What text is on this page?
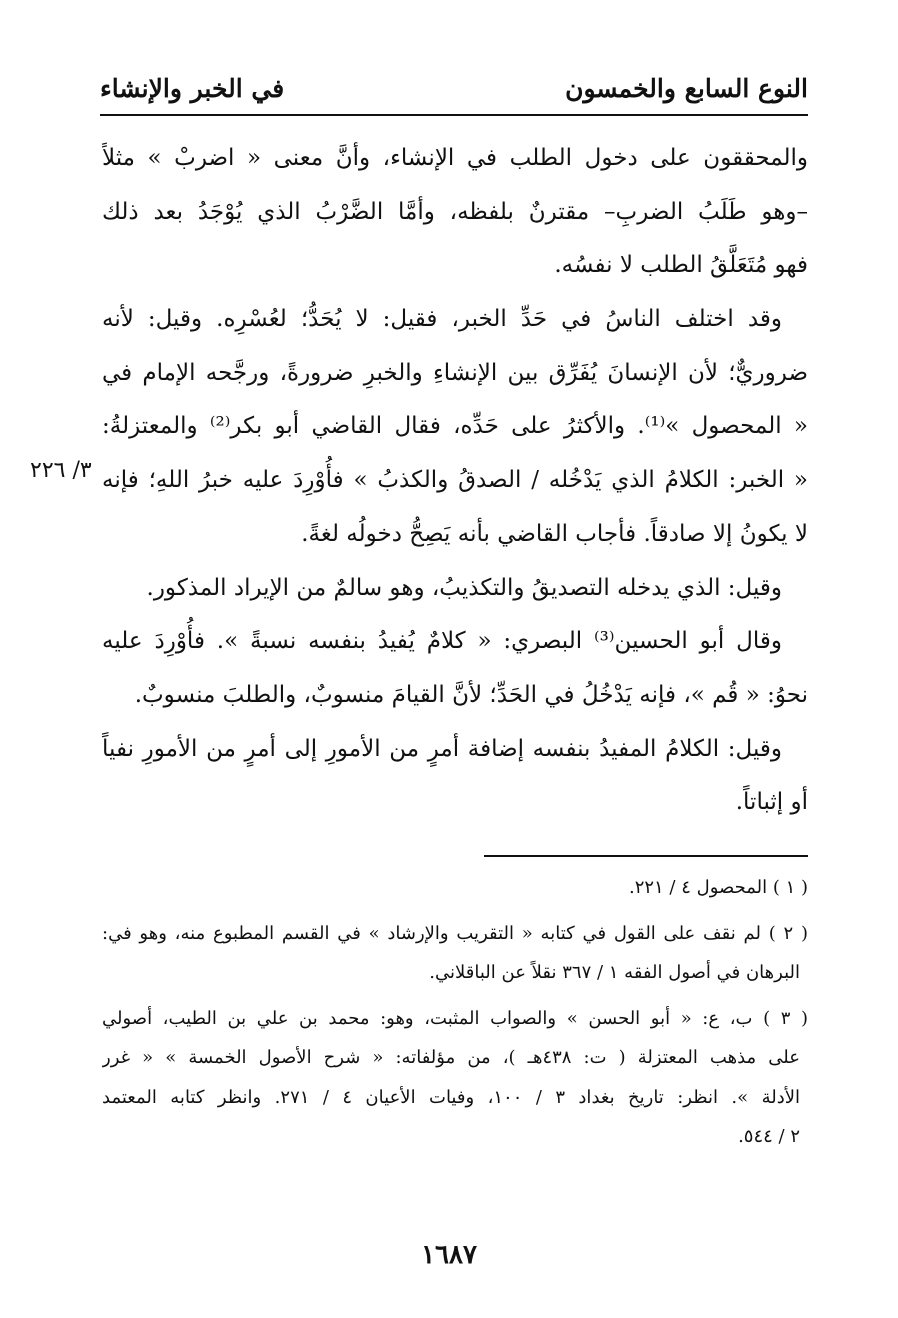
النوع السابع والخمسون
في الخبر والإنشاء
والمحققون على دخول الطلب في الإنشاء، وأنَّ معنى « اضربْ » مثلاً
–وهو طَلَبُ الضربِ– مقترنٌ بلفظه، وأمَّا الضَّرْبُ الذي يُوْجَدُ بعد ذلك
فهو مُتَعَلَّقُ الطلب لا نفسُه.
وقد اختلف الناسُ في حَدِّ الخبر، فقيل: لا يُحَدُّ؛ لعُسْرِه. وقيل: لأنه
ضروريٌّ؛ لأن الإنسانَ يُفَرِّق بين الإنشاءِ والخبرِ ضرورةً، ورجَّحه الإمام في
« المحصول »⁽¹⁾. والأكثرُ على حَدِّه، فقال القاضي أبو بكر⁽²⁾ والمعتزلةُ:
« الخبر: الكلامُ الذي يَدْخُله / الصدقُ والكذبُ » فأُوْرِدَ عليه خبرُ اللهِ؛ فإنه
لا يكونُ إلا صادقاً. فأجاب القاضي بأنه يَصِحُّ دخولُه لغةً.
وقيل: الذي يدخله التصديقُ والتكذيبُ، وهو سالمٌ من الإيراد المذكور.
وقال أبو الحسين⁽³⁾ البصري: « كلامٌ يُفيدُ بنفسه نسبةً ». فأُوْرِدَ عليه
نحوُ: « قُم »، فإنه يَدْخُلُ في الحَدِّ؛ لأنَّ القيامَ منسوبٌ، والطلبَ منسوبٌ.
وقيل: الكلامُ المفيدُ بنفسه إضافة أمرٍ من الأمورِ إلى أمرٍ من الأمورِ نفياً
أو إثباتاً.
٣/ ٢٢٦
( ١ ) المحصول ٤ / ٢٢١.
( ٢ ) لم نقف على القول في كتابه « التقريب والإرشاد » في القسم المطبوع منه، وهو في:
البرهان في أصول الفقه ١ / ٣٦٧ نقلاً عن الباقلاني.
( ٣ ) ب، ع: « أبو الحسن » والصواب المثبت، وهو: محمد بن علي بن الطيب، أصولي
على مذهب المعتزلة ( ت: ٤٣٨هـ )، من مؤلفاته: « شرح الأصول الخمسة » « غرر
الأدلة ». انظر: تاريخ بغداد ٣ / ١٠٠، وفيات الأعيان ٤ / ٢٧١. وانظر كتابه المعتمد
٢ / ٥٤٤.
١٦٨٧
